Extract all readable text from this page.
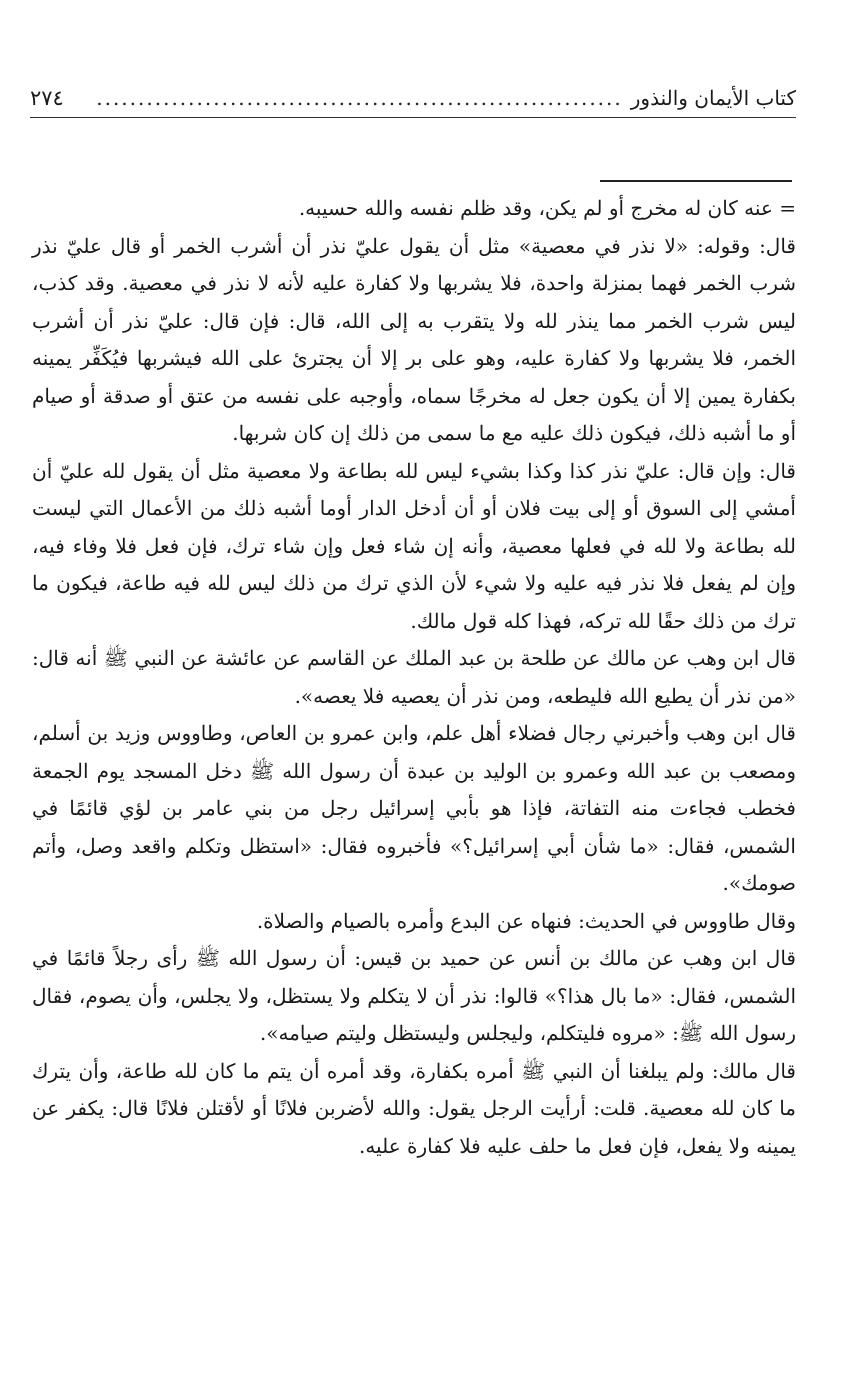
كتاب الأيمان والنذور
...............................................................
٢٧٤

= عنه كان له مخرج أو لم يكن، وقد ظلم نفسه والله حسيبه.

قال: وقوله: «لا نذر في معصية» مثل أن يقول عليّ نذر أن أشرب الخمر أو قال عليّ نذر شرب الخمر فهما بمنزلة واحدة، فلا يشربها ولا كفارة عليه لأنه لا نذر في معصية. وقد كذب، ليس شرب الخمر مما ينذر لله ولا يتقرب به إلى الله، قال: فإن قال: عليّ نذر أن أشرب الخمر، فلا يشربها ولا كفارة عليه، وهو على بر إلا أن يجترئ على الله فيشربها فيُكَفِّر يمينه بكفارة يمين إلا أن يكون جعل له مخرجًا سماه، وأوجبه على نفسه من عتق أو صدقة أو صيام أو ما أشبه ذلك، فيكون ذلك عليه مع ما سمى من ذلك إن كان شربها.

قال: وإن قال: عليّ نذر كذا وكذا بشيء ليس لله بطاعة ولا معصية مثل أن يقول لله عليّ أن أمشي إلى السوق أو إلى بيت فلان أو أن أدخل الدار أوما أشبه ذلك من الأعمال التي ليست لله بطاعة ولا لله في فعلها معصية، وأنه إن شاء فعل وإن شاء ترك، فإن فعل فلا وفاء فيه، وإن لم يفعل فلا نذر فيه عليه ولا شيء لأن الذي ترك من ذلك ليس لله فيه طاعة، فيكون ما ترك من ذلك حقًا لله تركه، فهذا كله قول مالك.

قال ابن وهب عن مالك عن طلحة بن عبد الملك عن القاسم عن عائشة عن النبي ﷺ أنه قال: «من نذر أن يطيع الله فليطعه، ومن نذر أن يعصيه فلا يعصه».

قال ابن وهب وأخبرني رجال فضلاء أهل علم، وابن عمرو بن العاص، وطاووس وزيد بن أسلم، ومصعب بن عبد الله وعمرو بن الوليد بن عبدة أن رسول الله ﷺ دخل المسجد يوم الجمعة فخطب فجاءت منه التفاتة، فإذا هو بأبي إسرائيل رجل من بني عامر بن لؤي قائمًا في الشمس، فقال: «ما شأن أبي إسرائيل؟» فأخبروه فقال: «استظل وتكلم واقعد وصل، وأتم صومك».

وقال طاووس في الحديث: فنهاه عن البدع وأمره بالصيام والصلاة.

قال ابن وهب عن مالك بن أنس عن حميد بن قيس: أن رسول الله ﷺ رأى رجلاً قائمًا في الشمس، فقال: «ما بال هذا؟» قالوا: نذر أن لا يتكلم ولا يستظل، ولا يجلس، وأن يصوم، فقال رسول الله ﷺ: «مروه فليتكلم، وليجلس وليستظل وليتم صيامه».

قال مالك: ولم يبلغنا أن النبي ﷺ أمره بكفارة، وقد أمره أن يتم ما كان لله طاعة، وأن يترك ما كان لله معصية. قلت: أرأيت الرجل يقول: والله لأضربن فلانًا أو لأقتلن فلانًا قال: يكفر عن يمينه ولا يفعل، فإن فعل ما حلف عليه فلا كفارة عليه.
